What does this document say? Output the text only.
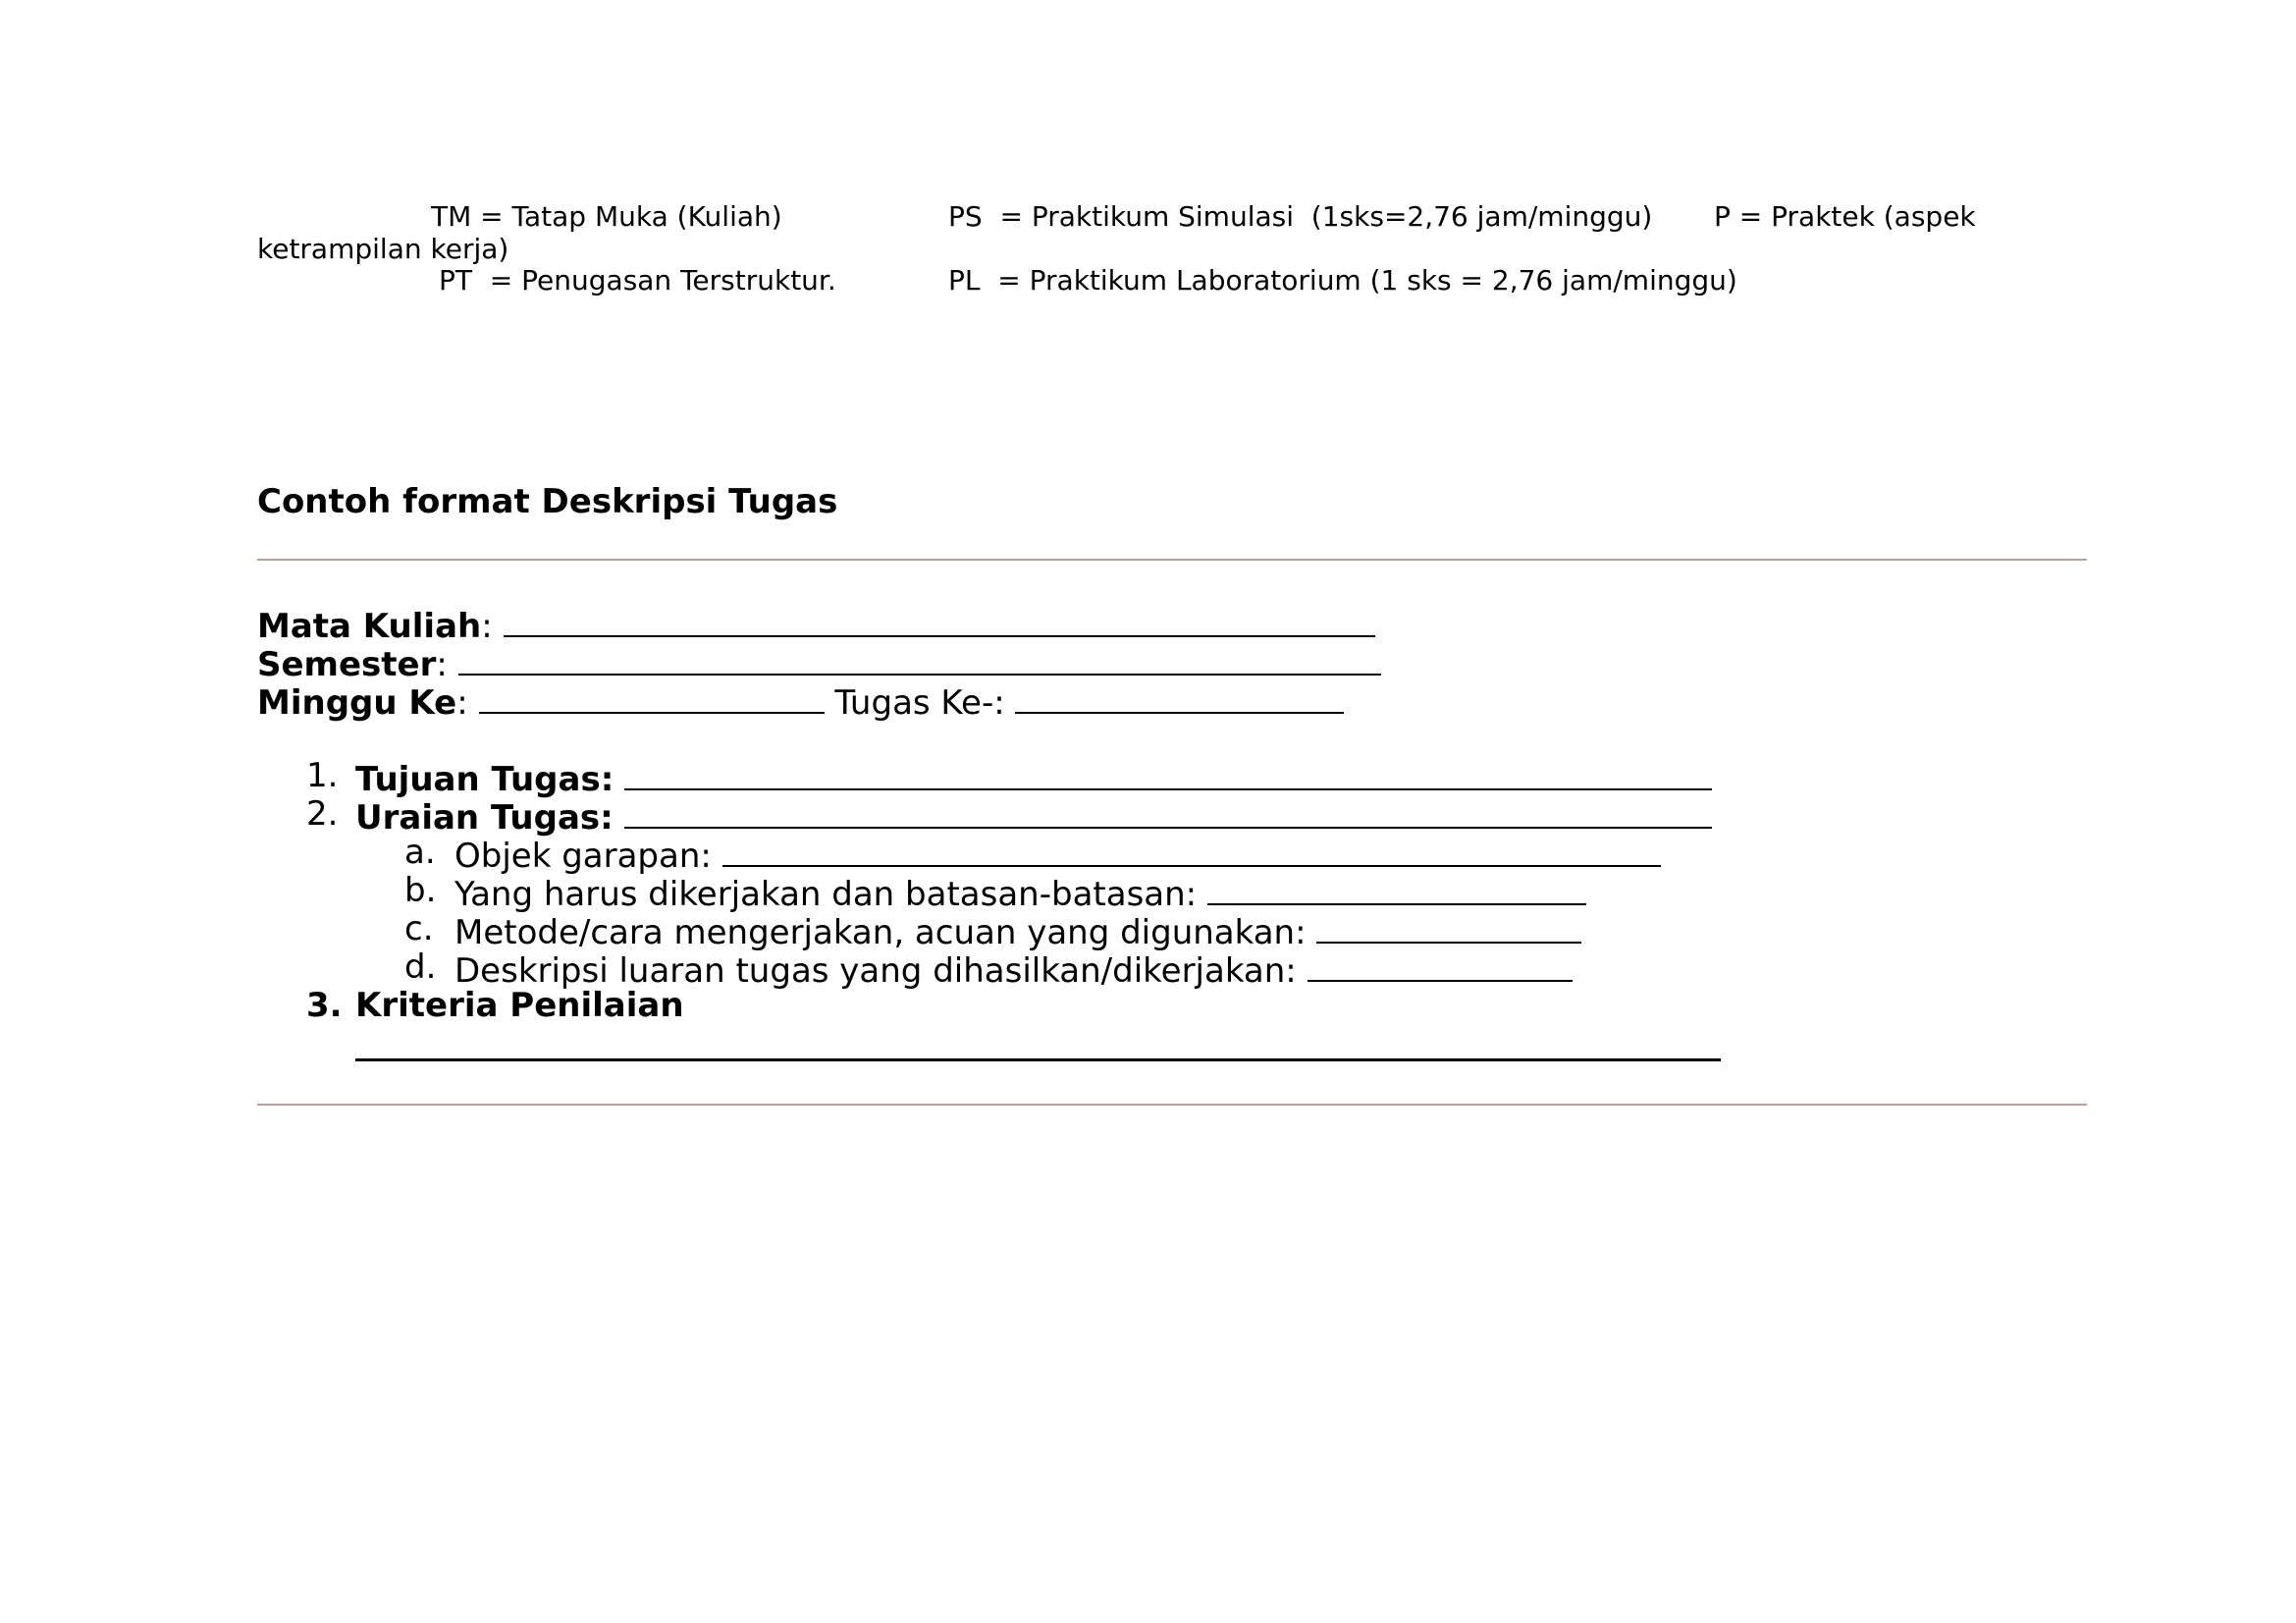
TM = Tatap Muka (Kuliah)	PS  = Praktikum Simulasi  (1sks=2,76 jam/minggu) P = Praktek (aspek
ketrampilan kerja)
PT  = Penugasan Terstruktur.	PL  = Praktikum Laboratorium (1 sks = 2,76 jam/minggu)
Contoh format Deskripsi Tugas
Mata Kuliah:
Semester:
Minggu Ke:	Tugas Ke-:
1. Tujuan Tugas:
2. Uraian Tugas:
a. Objek garapan:
b. Yang harus dikerjakan dan batasan-batasan:
c. Metode/cara mengerjakan, acuan yang digunakan:
d. Deskripsi luaran tugas yang dihasilkan/dikerjakan:
3. Kriteria Penilaian
